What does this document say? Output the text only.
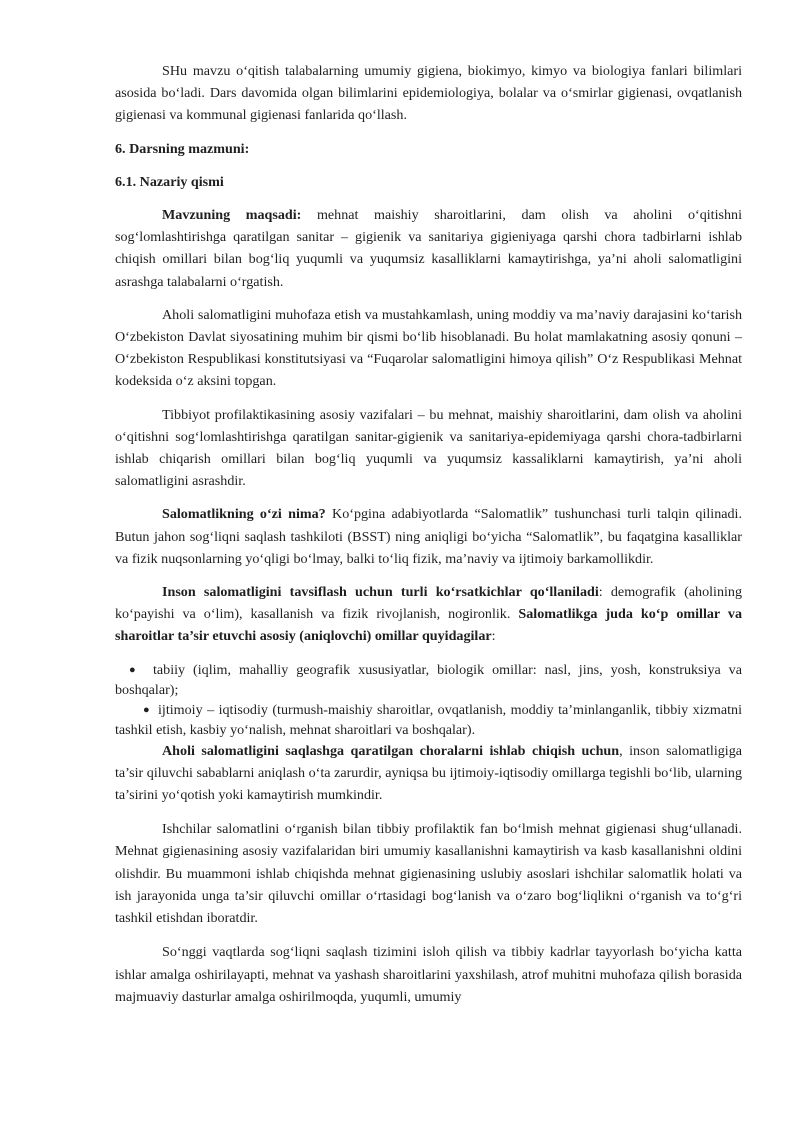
SHu mavzu oʻqitish talabalarning umumiy gigiena, biokimyo, kimyo va biologiya fanlari bilimlari asosida boʻladi. Dars davomida olgan bilimlarini epidemiologiya, bolalar va oʻsmirlar gigienasi, ovqatlanish gigienasi va kommunal gigienasi fanlarida qoʻllash.

6. Darsning mazmuni:

6.1. Nazariy qismi

Mavzuning maqsadi: mehnat maishiy sharoitlarini, dam olish va aholini oʻqitishni sogʻlomlashtirishga qaratilgan sanitar – gigienik va sanitariya gigieniyaga qarshi chora tadbirlarni ishlab chiqish omillari bilan bogʻliq yuqumli va yuqumsiz kasalliklarni kamaytirishga, ya’ni aholi salomatligini asrashga talabalarni oʻrgatish.

Aholi salomatligini muhofaza etish va mustahkamlash, uning moddiy va ma’naviy darajasini koʻtarish Oʻzbekiston Davlat siyosatining muhim bir qismi boʻlib hisoblanadi. Bu holat mamlakatning asosiy qonuni – Oʻzbekiston Respublikasi konstitutsiyasi va “Fuqarolar salomatligini himoya qilish” Oʻz Respublikasi Mehnat kodeksida oʻz aksini topgan.

Tibbiyot profilaktikasining asosiy vazifalari – bu mehnat, maishiy sharoitlarini, dam olish va aholini oʻqitishni sogʻlomlashtirishga qaratilgan sanitar-gigienik va sanitariya-epidemiyaga qarshi chora-tadbirlarni ishlab chiqarish omillari bilan bogʻliq yuqumli va yuqumsiz kassaliklarni kamaytirish, ya’ni aholi salomatligini asrashdir.

Salomatlikning oʻzi nima? Koʻpgina adabiyotlarda “Salomatlik” tushunchasi turli talqin qilinadi. Butun jahon sogʻliqni saqlash tashkiloti (BSST) ning aniqligi boʻyicha “Salomatlik”, bu faqatgina kasalliklar va fizik nuqsonlarning yoʻqligi boʻlmay, balki toʻliq fizik, ma’naviy va ijtimoiy barkamollikdir.

Inson salomatligini tavsiflash uchun turli koʻrsatkichlar qoʻllaniladi: demografik (aholining koʻpayishi va oʻlim), kasallanish va fizik rivojlanish, nogironlik. Salomatlikga juda koʻp omillar va sharoitlar ta’sir etuvchi asosiy (aniqlovchi) omillar quyidagilar:

● tabiiy (iqlim, mahalliy geografik xususiyatlar, biologik omillar: nasl, jins, yosh, konstruksiya va boshqalar);
● ijtimoiy – iqtisodiy (turmush-maishiy sharoitlar, ovqatlanish, moddiy ta’minlanganlik, tibbiy xizmatni tashkil etish, kasbiy yoʻnalish, mehnat sharoitlari va boshqalar).

Aholi salomatligini saqlashga qaratilgan choralarni ishlab chiqish uchun, inson salomatligiga ta’sir qiluvchi sabablarni aniqlash oʻta zarurdir, ayniqsa bu ijtimoiy-iqtisodiy omillarga tegishli boʻlib, ularning ta’sirini yoʻqotish yoki kamaytirish mumkindir.

Ishchilar salomatlini oʻrganish bilan tibbiy profilaktik fan boʻlmish mehnat gigienasi shugʻullanadi. Mehnat gigienasining asosiy vazifalaridan biri umumiy kasallanishni kamaytirish va kasb kasallanishni oldini olishdir. Bu muammoni ishlab chiqishda mehnat gigienasining uslubiy asoslari ishchilar salomatlik holati va ish jarayonida unga ta’sir qiluvchi omillar oʻrtasidagi bogʻlanish va oʻzaro bogʻliqlikni oʻrganish va toʻgʻri tashkil etishdan iboratdir.

Soʻnggi vaqtlarda sogʻliqni saqlash tizimini isloh qilish va tibbiy kadrlar tayyorlash boʻyicha katta ishlar amalga oshirilayapti, mehnat va yashash sharoitlarini yaxshilash, atrof muhitni muhofaza qilish borasida majmuaviy dasturlar amalga oshirilmoqda, yuqumli, umumiy
